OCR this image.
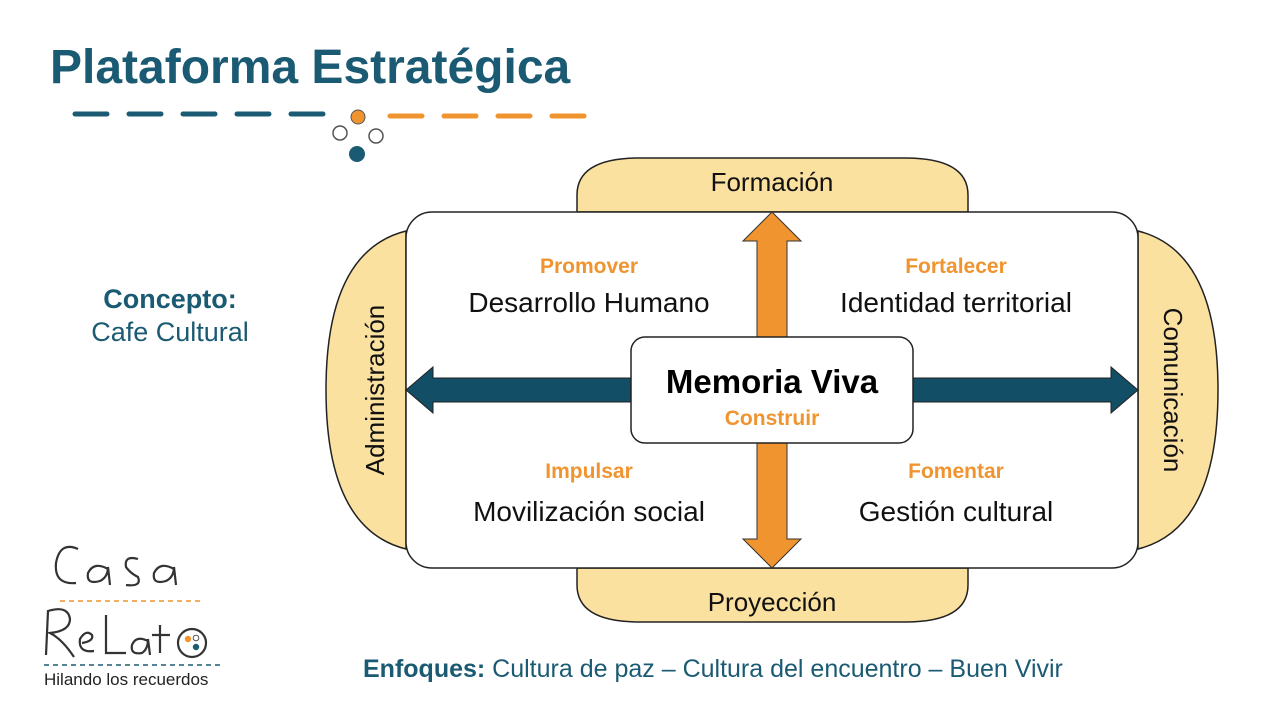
Plataforma Estratégica
Concepto:
Cafe Cultural
Memoria Viva
Construir
Formación
Proyección
Administración	Comunicación
Promover
Desarrollo Humano
Fortalecer
Identidad territorial
Impulsar
Movilización social
Fomentar
Gestión cultural
Hilando los recuerdos	Enfoques: Cultura de paz – Cultura del encuentro – Buen Vivir
